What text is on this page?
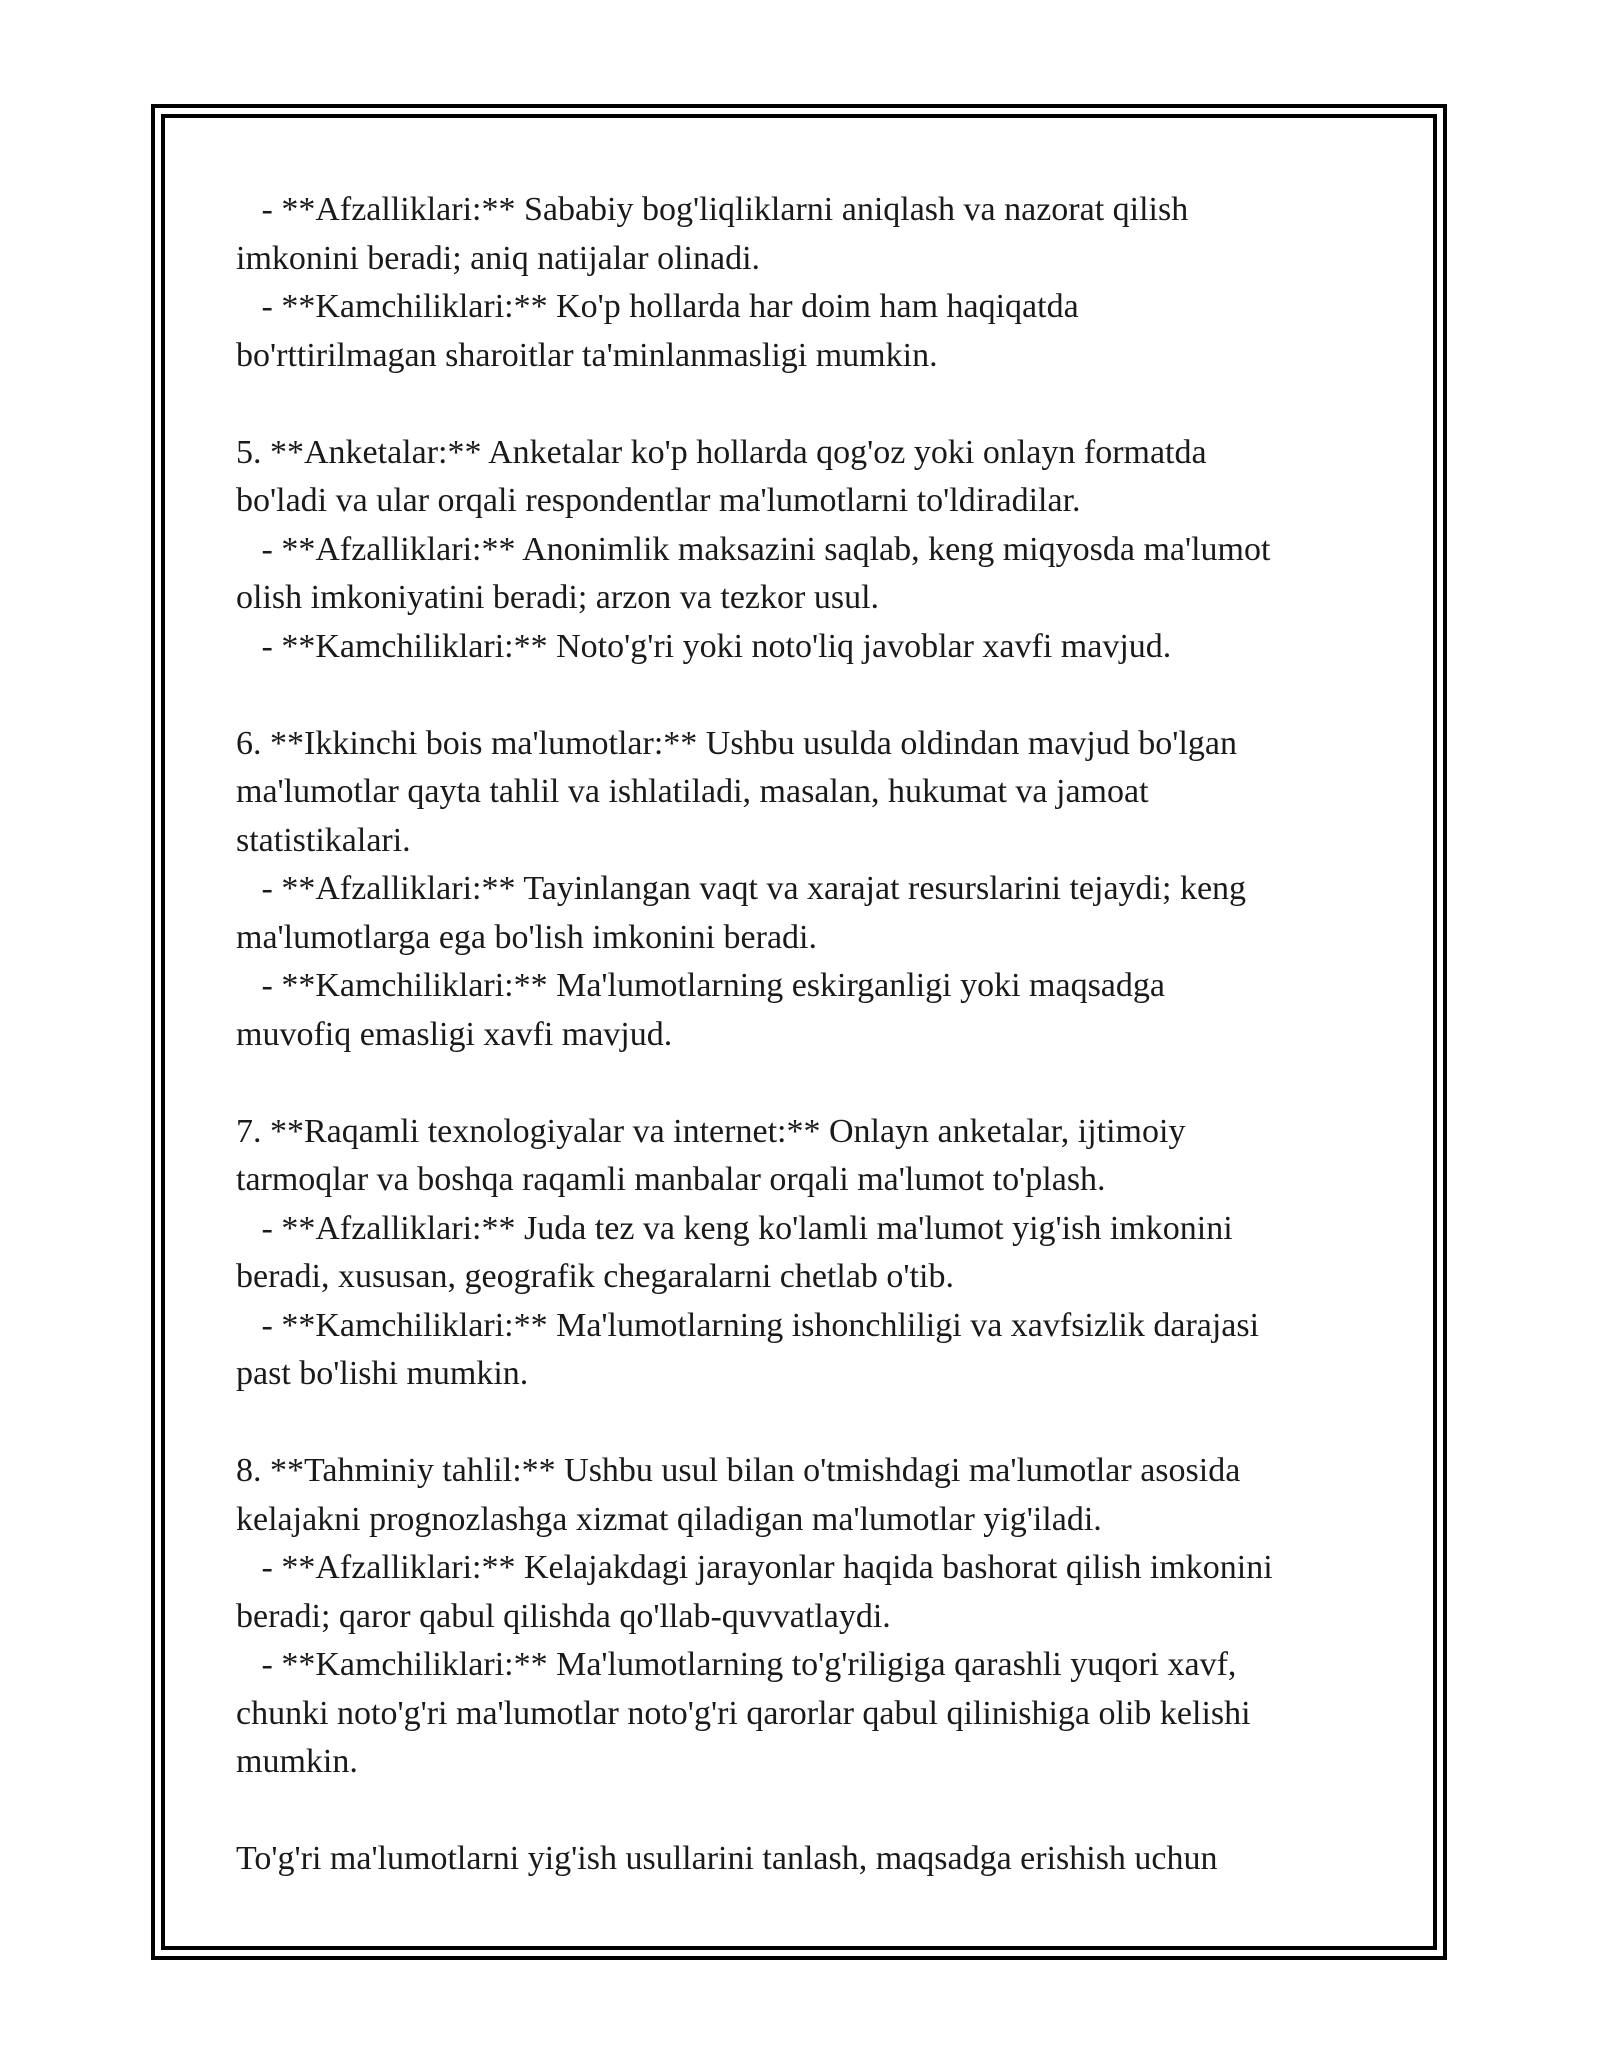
- **Afzalliklari:** Sababiy bog'liqliklarni aniqlash va nazorat qilish

imkonini beradi; aniq natijalar olinadi.

- **Kamchiliklari:** Ko'p hollarda har doim ham haqiqatda

bo'rttirilmagan sharoitlar ta'minlanmasligi mumkin.

5. **Anketalar:** Anketalar ko'p hollarda qog'oz yoki onlayn formatda

bo'ladi va ular orqali respondentlar ma'lumotlarni to'ldiradilar.

- **Afzalliklari:** Anonimlik maksazini saqlab, keng miqyosda ma'lumot

olish imkoniyatini beradi; arzon va tezkor usul.

- **Kamchiliklari:** Noto'g'ri yoki noto'liq javoblar xavfi mavjud.

6. **Ikkinchi bois ma'lumotlar:** Ushbu usulda oldindan mavjud bo'lgan

ma'lumotlar qayta tahlil va ishlatiladi, masalan, hukumat va jamoat

statistikalari.

- **Afzalliklari:** Tayinlangan vaqt va xarajat resurslarini tejaydi; keng

ma'lumotlarga ega bo'lish imkonini beradi.

- **Kamchiliklari:** Ma'lumotlarning eskirganligi yoki maqsadga

muvofiq emasligi xavfi mavjud.

7. **Raqamli texnologiyalar va internet:** Onlayn anketalar, ijtimoiy

tarmoqlar va boshqa raqamli manbalar orqali ma'lumot to'plash.

- **Afzalliklari:** Juda tez va keng ko'lamli ma'lumot yig'ish imkonini

beradi, xususan, geografik chegaralarni chetlab o'tib.

- **Kamchiliklari:** Ma'lumotlarning ishonchliligi va xavfsizlik darajasi

past bo'lishi mumkin.

8. **Tahminiy tahlil:** Ushbu usul bilan o'tmishdagi ma'lumotlar asosida

kelajakni prognozlashga xizmat qiladigan ma'lumotlar yig'iladi.

- **Afzalliklari:** Kelajakdagi jarayonlar haqida bashorat qilish imkonini

beradi; qaror qabul qilishda qo'llab-quvvatlaydi.

- **Kamchiliklari:** Ma'lumotlarning to'g'riligiga qarashli yuqori xavf,

chunki noto'g'ri ma'lumotlar noto'g'ri qarorlar qabul qilinishiga olib kelishi

mumkin.

To'g'ri ma'lumotlarni yig'ish usullarini tanlash, maqsadga erishish uchun
